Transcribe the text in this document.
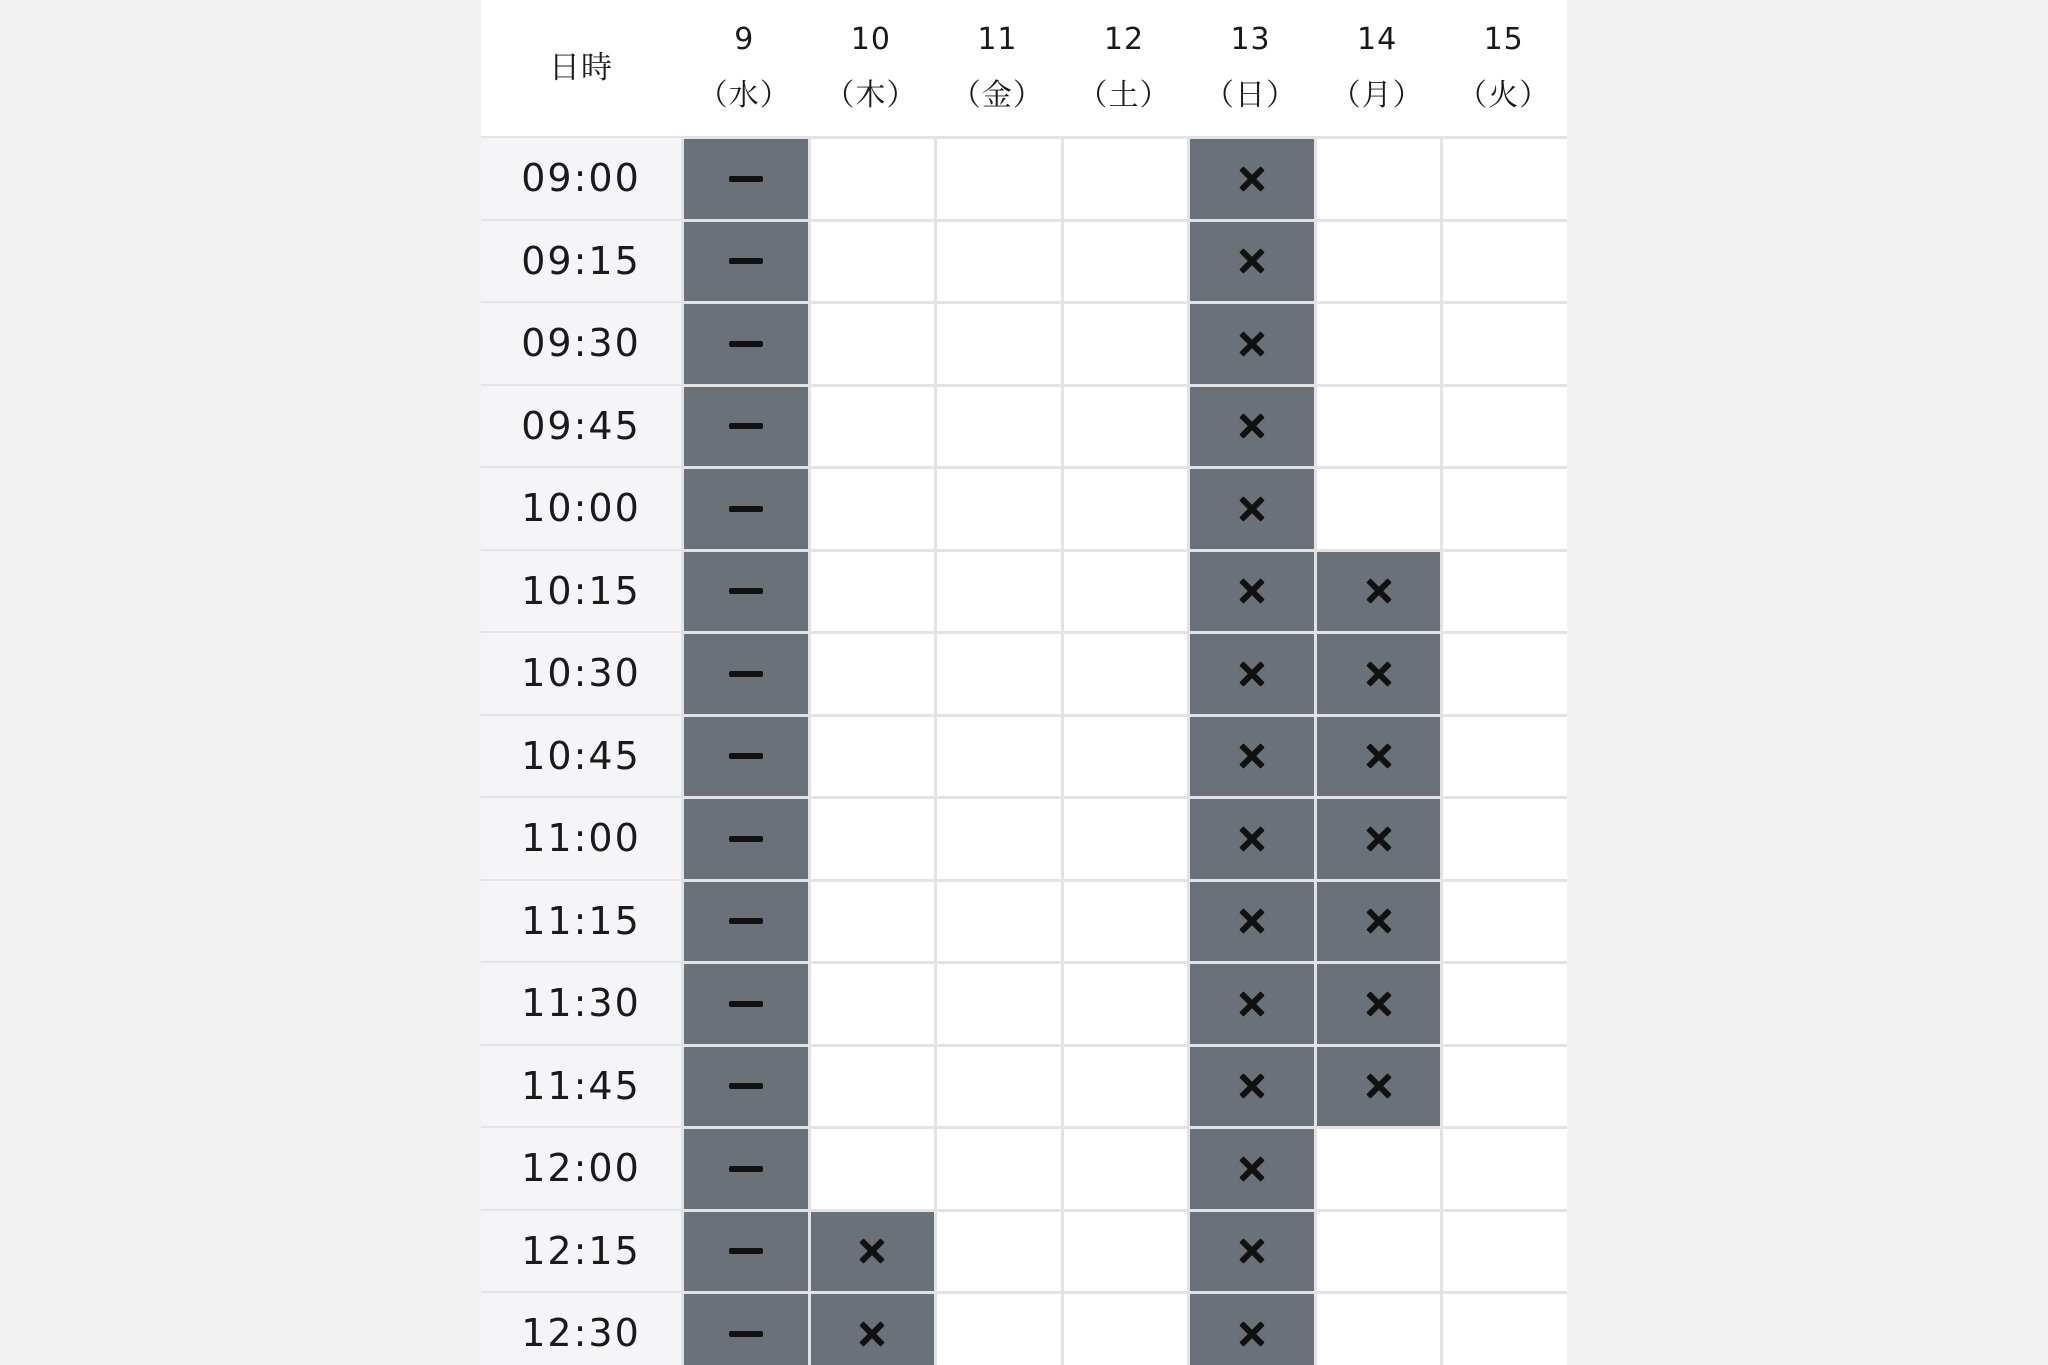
日時
9
（水）
10
（木）
11
（金）
12
（土）
13
（日）
14
（月）
15
（火）
09:00
09:15
09:30
09:45
10:00
10:15
10:30
10:45
11:00
11:15
11:30
11:45
12:00
12:15
12:30
